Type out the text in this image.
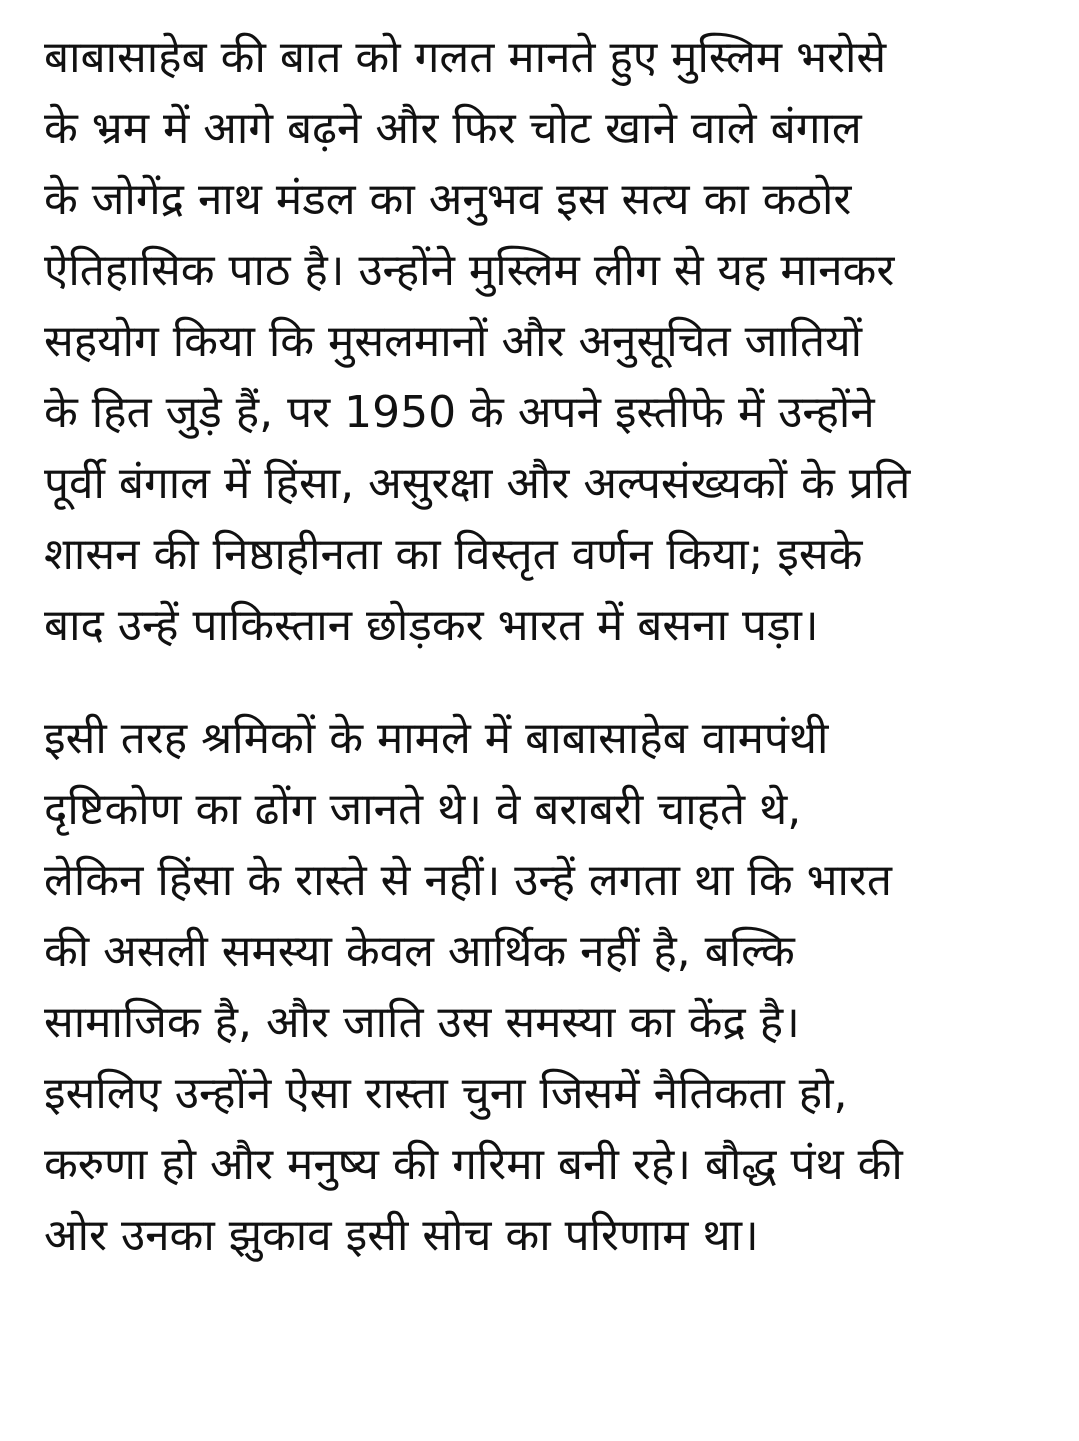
बाबासाहेब की बात को गलत मानते हुए मुस्लिम भरोसे
के भ्रम में आगे बढ़ने और फिर चोट खाने वाले बंगाल
के जोगेंद्र नाथ मंडल का अनुभव इस सत्य का कठोर
ऐतिहासिक पाठ है। उन्होंने मुस्लिम लीग से यह मानकर
सहयोग किया कि मुसलमानों और अनुसूचित जातियों
के हित जुड़े हैं, पर 1950 के अपने इस्तीफे में उन्होंने
पूर्वी बंगाल में हिंसा, असुरक्षा और अल्पसंख्यकों के प्रति
शासन की निष्ठाहीनता का विस्तृत वर्णन किया; इसके
बाद उन्हें पाकिस्तान छोड़कर भारत में बसना पड़ा।

इसी तरह श्रमिकों के मामले में बाबासाहेब वामपंथी
दृष्टिकोण का ढोंग जानते थे। वे बराबरी चाहते थे,
लेकिन हिंसा के रास्ते से नहीं। उन्हें लगता था कि भारत
की असली समस्या केवल आर्थिक नहीं है, बल्कि
सामाजिक है, और जाति उस समस्या का केंद्र है।
इसलिए उन्होंने ऐसा रास्ता चुना जिसमें नैतिकता हो,
करुणा हो और मनुष्य की गरिमा बनी रहे। बौद्ध पंथ की
ओर उनका झुकाव इसी सोच का परिणाम था।
